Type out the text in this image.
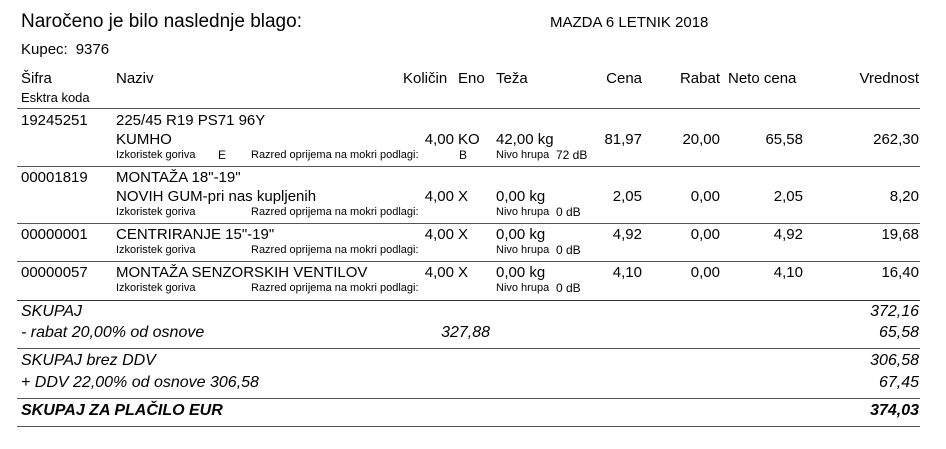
Naročeno je bilo naslednje blago:	MAZDA 6 LETNIK 2018
Kupec: 9376
Šifra
Esktra koda
Naziv	Količin Eno Teža	Cena	Rabat Neto cena	Vrednost
19245251 225/45 R19 PS71 96Y
KUMHO	4,00 KO 42,00 kg	81,97	20,00	65,58	262,30
Izkoristek goriva E Razred oprijema na mokri podlagi:	B	Nivo hrupa 72 dB
00001819 MONTAŽA 18"-19"
NOVIH GUM-pri nas kupljenih	4,00 X 0,00 kg	2,05	0,00	2,05	8,20
Izkoristek goriva	Razred oprijema na mokri podlagi:	Nivo hrupa 0 dB
00000001 CENTRIRANJE 15"-19"	4,00 X 0,00 kg	4,92	0,00	4,92	19,68
Izkoristek goriva	Razred oprijema na mokri podlagi:	Nivo hrupa 0 dB
00000057 MONTAŽA SENZORSKIH VENTILOV	4,00 X 0,00 kg	4,10	0,00	4,10	16,40
Izkoristek goriva	Razred oprijema na mokri podlagi:	Nivo hrupa 0 dB
SKUPAJ	372,16
- rabat 20,00% od osnove	327,88	65,58
SKUPAJ brez DDV	306,58
+ DDV 22,00% od osnove 306,58	67,45
SKUPAJ ZA PLAČILO EUR	374,03
